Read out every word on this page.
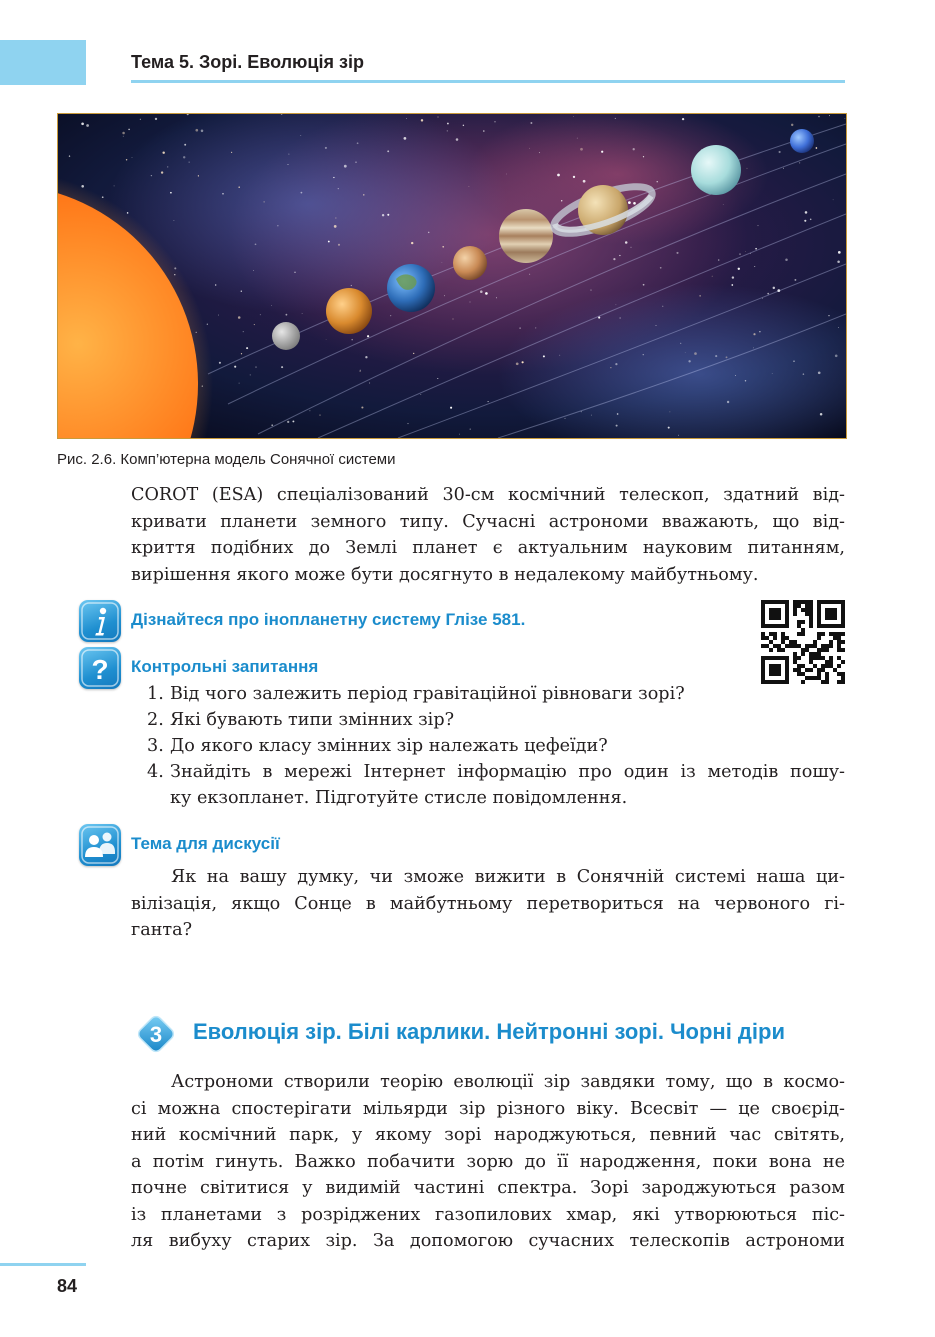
Тема 5. Зорі. Еволюція зір
Рис. 2.6. Комп’ютерна модель Сонячної системи
COROT (ESA) спеціалізований 30-см космічний телескоп, здатний від-
кривати планети земного типу. Сучасні астрономи вважають, що від-
криття подібних до Землі планет є актуальним науковим питанням,
вирішення якого може бути досягнуто в недалекому майбутньому.
Дізнайтеся про інопланетну систему Глізе 581.
? Контрольні запитання
1. Від чого залежить період гравітаційної рівноваги зорі?
2. Які бувають типи змінних зір?
3. До якого класу змінних зір належать цефеїди?
4. Знайдіть в мережі Інтернет інформацію про один із методів пошу-
ку екзопланет. Підготуйте стисле повідомлення.
Тема для дискусії
Як на вашу думку, чи зможе вижити в Сонячній системі наша ци-
вілізація, якщо Сонце в майбутньому перетвориться на червоного гі-
ганта?
3 Еволюція зір. Білі карлики. Нейтронні зорі. Чорні діри
Астрономи створили теорію еволюції зір завдяки тому, що в космо-
сі можна спостерігати мільярди зір різного віку. Всесвіт — це своєрід-
ний космічний парк, у якому зорі народжуються, певний час світять,
а потім гинуть. Важко побачити зорю до її народження, поки вона не
почне світитися у видимій частині спектра. Зорі зароджуються разом
із планетами з розріджених газопилових хмар, які утворюються піс-
ля вибуху старих зір. За допомогою сучасних телескопів астрономи
84
